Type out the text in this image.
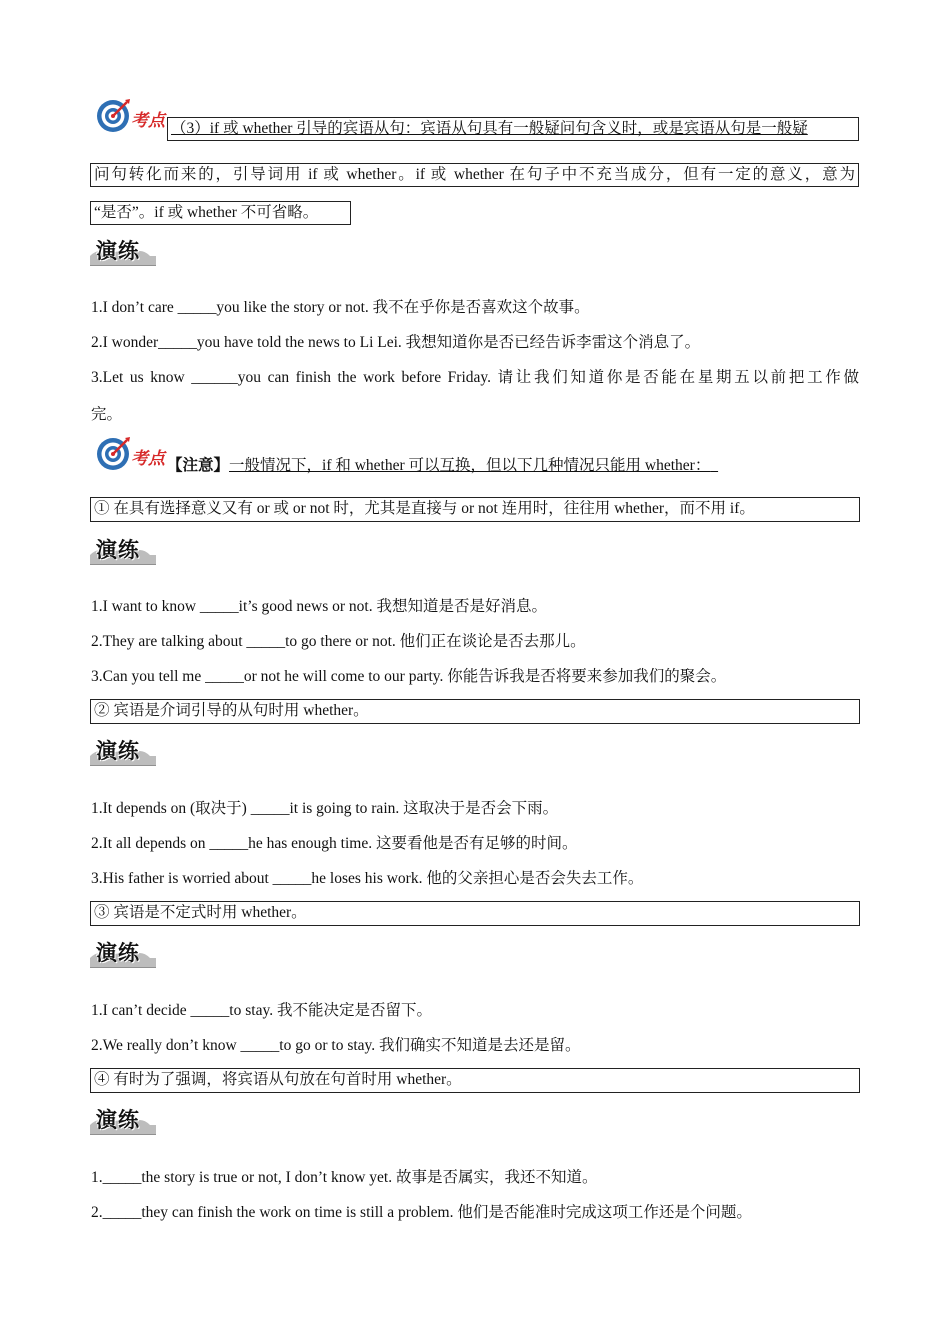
考点 （3）if 或 whether 引导的宾语从句：宾语从句具有一般疑问句含义时，或是宾语从句是一般疑
问句转化而来的，引导词用 if 或 whether。if 或 whether 在句子中不充当成分，但有一定的意义，意为
“是否”。if 或 whether 不可省略。
演练
1.I don’t care _____you like the story or not. 我不在乎你是否喜欢这个故事。
2.I wonder_____you have told the news to Li Lei. 我想知道你是否已经告诉李雷这个消息了。
3.Let us know ______you can finish the work before Friday. 请让我们知道你是否能在星期五以前把工作做
完。
考点 【注意】一般情况下，if 和 whether 可以互换，但以下几种情况只能用 whether：
① 在具有选择意义又有 or 或 or not 时，尤其是直接与 or not 连用时，往往用 whether，而不用 if。
演练
1.I want to know _____it’s good news or not. 我想知道是否是好消息。
2.They are talking about _____to go there or not. 他们正在谈论是否去那儿。
3.Can you tell me _____or not he will come to our party. 你能告诉我是否将要来参加我们的聚会。
② 宾语是介词引导的从句时用 whether。
演练
1.It depends on (取决于) _____it is going to rain. 这取决于是否会下雨。
2.It all depends on _____he has enough time. 这要看他是否有足够的时间。
3.His father is worried about _____he loses his work. 他的父亲担心是否会失去工作。
③ 宾语是不定式时用 whether。
演练
1.I can’t decide _____to stay. 我不能决定是否留下。
2.We really don’t know _____to go or to stay. 我们确实不知道是去还是留。
④ 有时为了强调，将宾语从句放在句首时用 whether。
演练
1._____the story is true or not, I don’t know yet. 故事是否属实，我还不知道。
2._____they can finish the work on time is still a problem. 他们是否能准时完成这项工作还是个问题。
